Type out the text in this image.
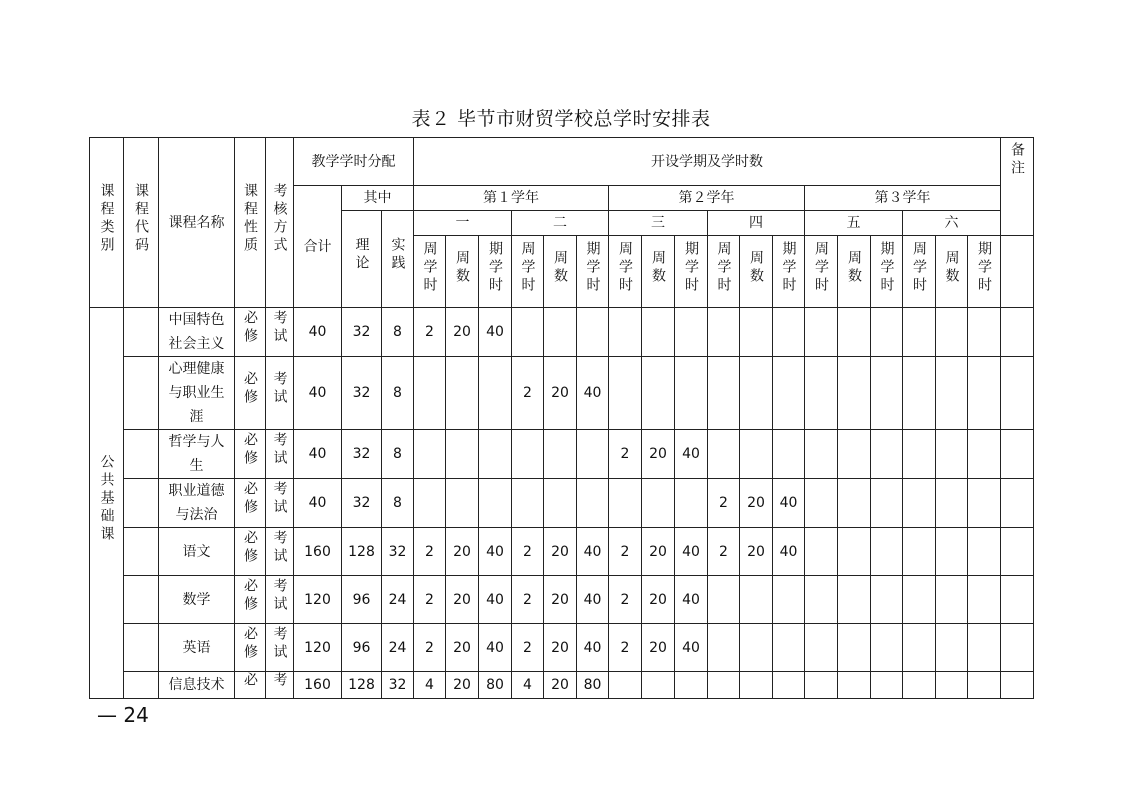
表２ 毕节市财贸学校总学时安排表
课程类别	课程代码	课程名称	课程性质	考核方式	教学学时分配			开设学期及学时数																		备注
					合计	其中		第１学年						第２学年						第３学年						
						理论	实践	一			二			三			四			五			六			
								周学时	周数	期学时	周学时	周数	期学时	周学时	周数	期学时	周学时	周数	期学时	周学时	周数	期学时	周学时	周数	期学时	
公共基础课		中国特色社会主义	必修	考试	40	32	8	2	20	40																

		心理健康与职业生涯	必修	考试	40	32	8				2	20	40													

		哲学与人生	必修	考试	40	32	8							2	20	40										

		职业道德与法治	必修	考试	40	32	8										2	20	40							

		语文	必修	考试	160	128	32	2	20	40	2	20	40	2	20	40	2	20	40							

		数学	必修	考试	120	96	24	2	20	40	2	20	40	2	20	40										

		英语	必修	考试	120	96	24	2	20	40	2	20	40	2	20	40										

		信息技术	必	考	160	128	32	4	20	80	4	20	80													
— 24
